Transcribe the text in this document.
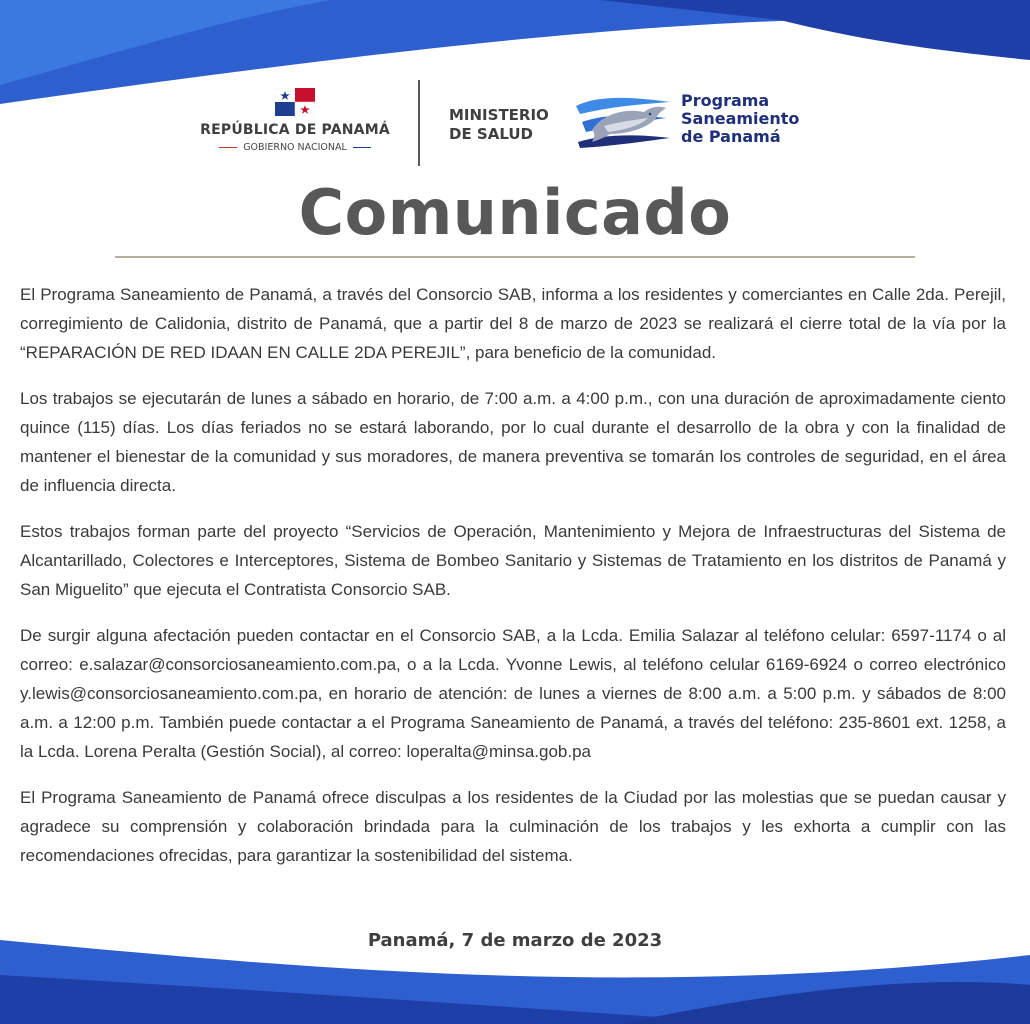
REPÚBLICA DE PANAMÁ
GOBIERNO NACIONAL
MINISTERIO
DE SALUD
Programa
Saneamiento
de Panamá
Comunicado

El Programa Saneamiento de Panamá, a través del Consorcio SAB, informa a los residentes y comerciantes en Calle 2da. Perejil, corregimiento de Calidonia, distrito de Panamá, que a partir del 8 de marzo de 2023 se realizará el cierre total de la vía por la “REPARACIÓN DE RED IDAAN EN CALLE 2DA PEREJIL”, para beneficio de la comunidad.

Los trabajos se ejecutarán de lunes a sábado en horario, de 7:00 a.m. a 4:00 p.m., con una duración de aproximadamente ciento quince (115) días. Los días feriados no se estará laborando, por lo cual durante el desarrollo de la obra y con la finalidad de mantener el bienestar de la comunidad y sus moradores, de manera preventiva se tomarán los controles de seguridad, en el área de influencia directa.

Estos trabajos forman parte del proyecto “Servicios de Operación, Mantenimiento y Mejora de Infraestructuras del Sistema de Alcantarillado, Colectores e Interceptores, Sistema de Bombeo Sanitario y Sistemas de Tratamiento en los distritos de Panamá y San Miguelito” que ejecuta el Contratista Consorcio SAB.

De surgir alguna afectación pueden contactar en el Consorcio SAB, a la Lcda. Emilia Salazar al teléfono celular: 6597-1174 o al correo: e.salazar@consorciosaneamiento.com.pa, o a la Lcda. Yvonne Lewis, al teléfono celular 6169-6924 o correo electrónico y.lewis@consorciosaneamiento.com.pa, en horario de atención: de lunes a viernes de 8:00 a.m. a 5:00 p.m. y sábados de 8:00 a.m. a 12:00 p.m. También puede contactar a el Programa Saneamiento de Panamá, a través del teléfono: 235-8601 ext. 1258, a la Lcda. Lorena Peralta (Gestión Social), al correo: loperalta@minsa.gob.pa

El Programa Saneamiento de Panamá ofrece disculpas a los residentes de la Ciudad por las molestias que se puedan causar y agradece su comprensión y colaboración brindada para la culminación de los trabajos y les exhorta a cumplir con las recomendaciones ofrecidas, para garantizar la sostenibilidad del sistema.

Panamá, 7 de marzo de 2023
